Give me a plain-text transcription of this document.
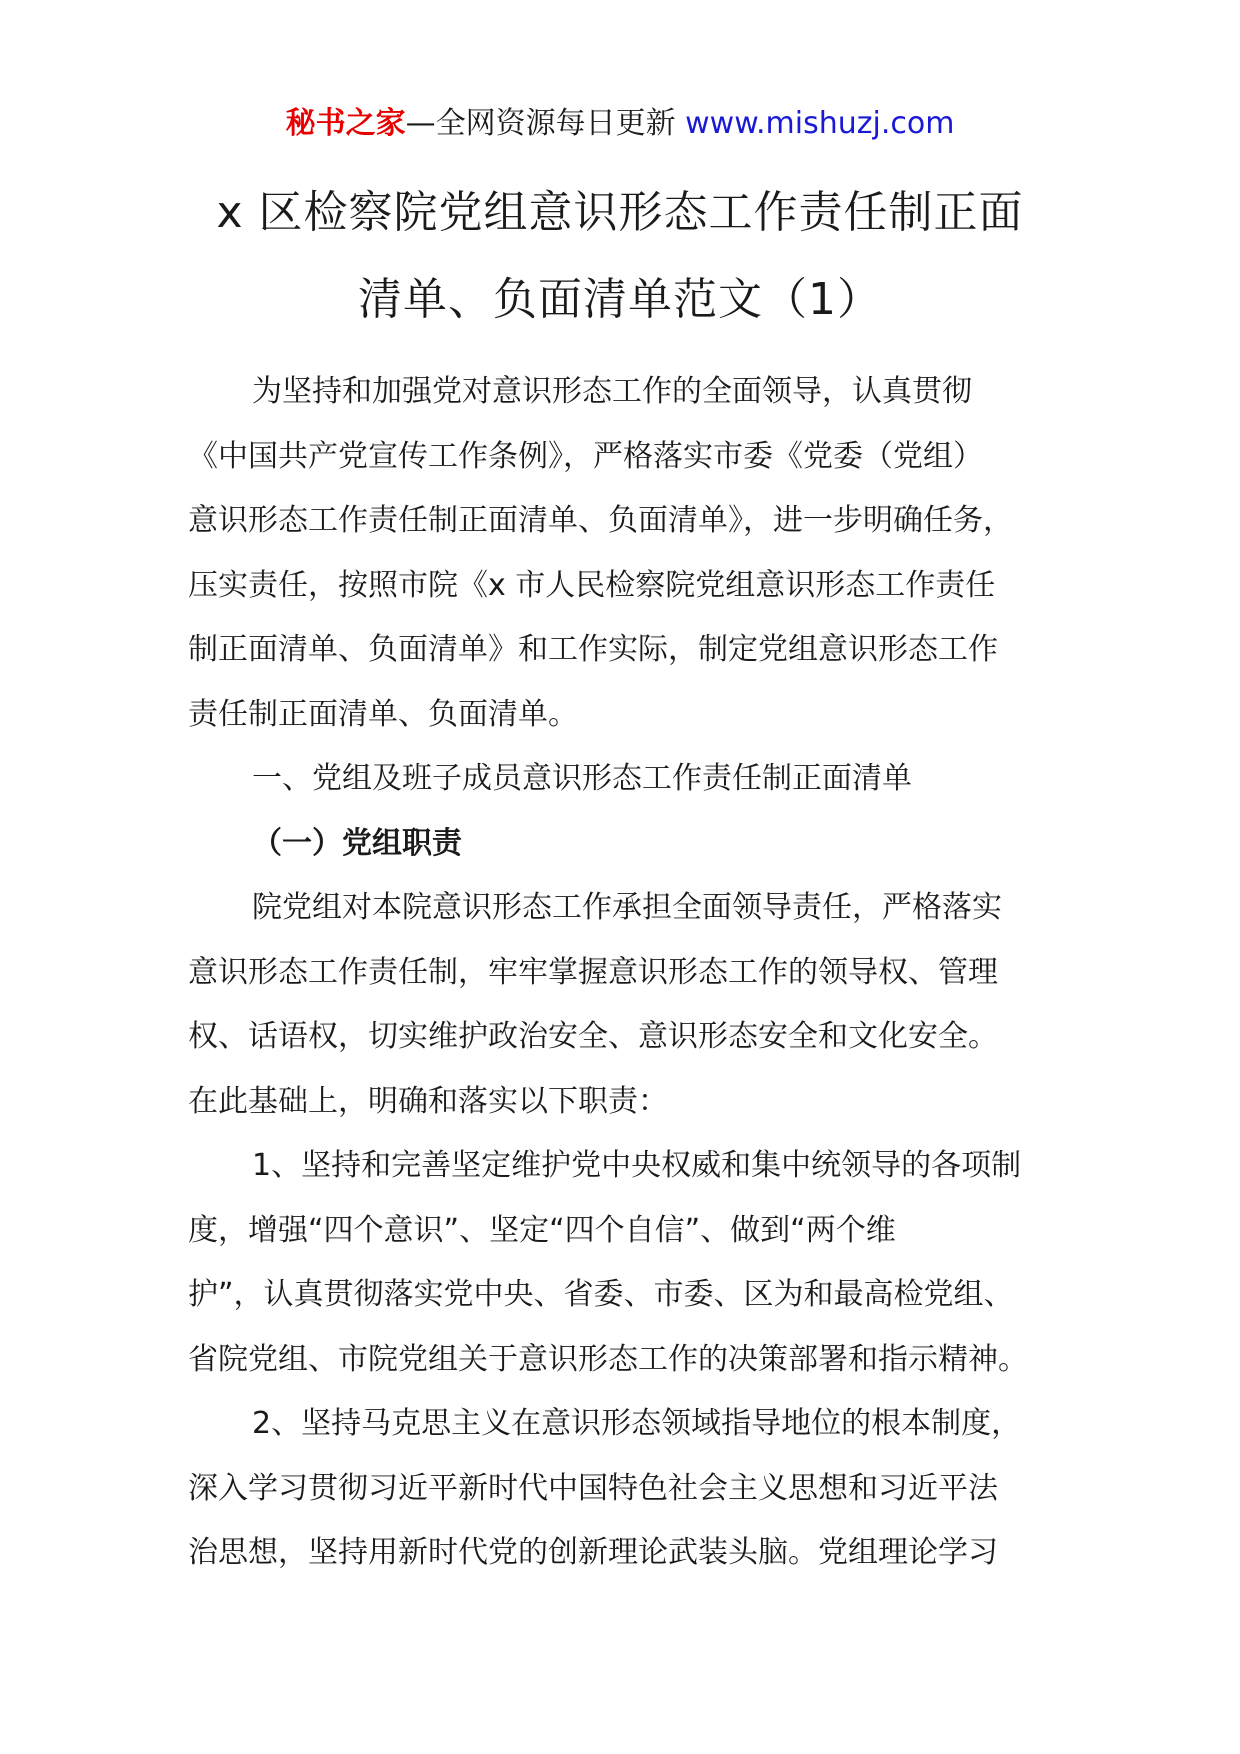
秘书之家—全网资源每日更新 www.mishuzj.com
x 区检察院党组意识形态工作责任制正面
清单、负面清单范文（1）
为坚持和加强党对意识形态工作的全面领导，认真贯彻
《中国共产党宣传工作条例》，严格落实市委《党委（党组）
意识形态工作责任制正面清单、负面清单》，进一步明确任务，
压实责任，按照市院《x 市人民检察院党组意识形态工作责任
制正面清单、负面清单》和工作实际，制定党组意识形态工作
责任制正面清单、负面清单。
一、党组及班子成员意识形态工作责任制正面清单
（一）党组职责
院党组对本院意识形态工作承担全面领导责任，严格落实
意识形态工作责任制，牢牢掌握意识形态工作的领导权、管理
权、话语权，切实维护政治安全、意识形态安全和文化安全。
在此基础上，明确和落实以下职责：
1、坚持和完善坚定维护党中央权威和集中统领导的各项制
度，增强“四个意识”、坚定“四个自信”、做到“两个维
护”，认真贯彻落实党中央、省委、市委、区为和最高检党组、
省院党组、市院党组关于意识形态工作的决策部署和指示精神。
2、坚持马克思主义在意识形态领域指导地位的根本制度，
深入学习贯彻习近平新时代中国特色社会主义思想和习近平法
治思想，坚持用新时代党的创新理论武装头脑。党组理论学习
